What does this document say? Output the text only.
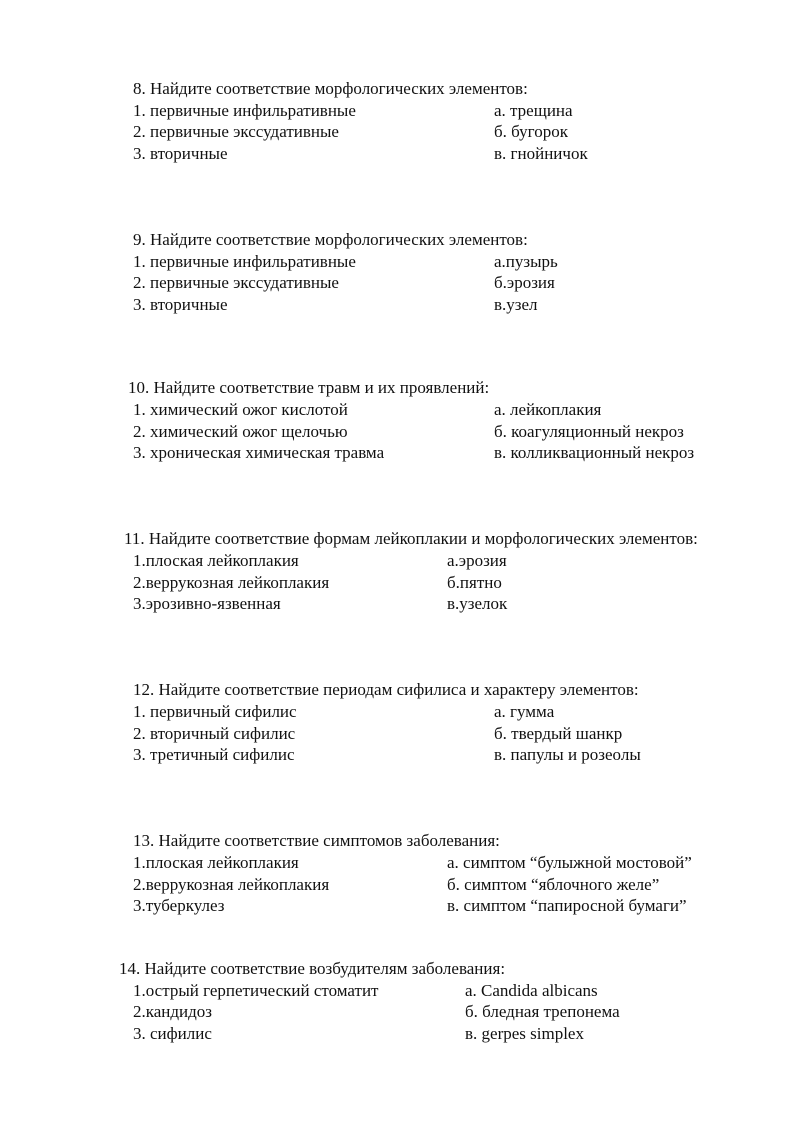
8. Найдите соответствие морфологических элементов:
1. первичные инфильративные
2. первичные экссудативные
3. вторичные
а. трещина
б. бугорок
в. гнойничок
9. Найдите соответствие морфологических элементов:
1. первичные инфильративные
2. первичные экссудативные
3. вторичные
а.пузырь
б.эрозия
в.узел
10. Найдите соответствие травм и их проявлений:
1. химический ожог кислотой
2. химический ожог щелочью
3. хроническая химическая травма
а. лейкоплакия
б. коагуляционный некроз
в. колликвационный некроз
11. Найдите соответствие формам лейкоплакии и морфологических элементов:
1.плоская лейкоплакия
2.веррукозная лейкоплакия
3.эрозивно-язвенная
а.эрозия
б.пятно
в.узелок
12. Найдите соответствие периодам сифилиса и характеру элементов:
1. первичный сифилис
2. вторичный сифилис
3. третичный сифилис
а. гумма
б. твердый шанкр
в. папулы и розеолы
13. Найдите соответствие симптомов заболевания:
1.плоская лейкоплакия
2.веррукозная лейкоплакия
3.туберкулез
а. симптом “булыжной мостовой”
б. симптом “яблочного желе”
в. симптом “папиросной бумаги”
14. Найдите соответствие возбудителям заболевания:
1.острый герпетический стоматит
2.кандидоз
3. сифилис
а. Candida albicans
б. бледная трепонема
в. gerpes simplex
